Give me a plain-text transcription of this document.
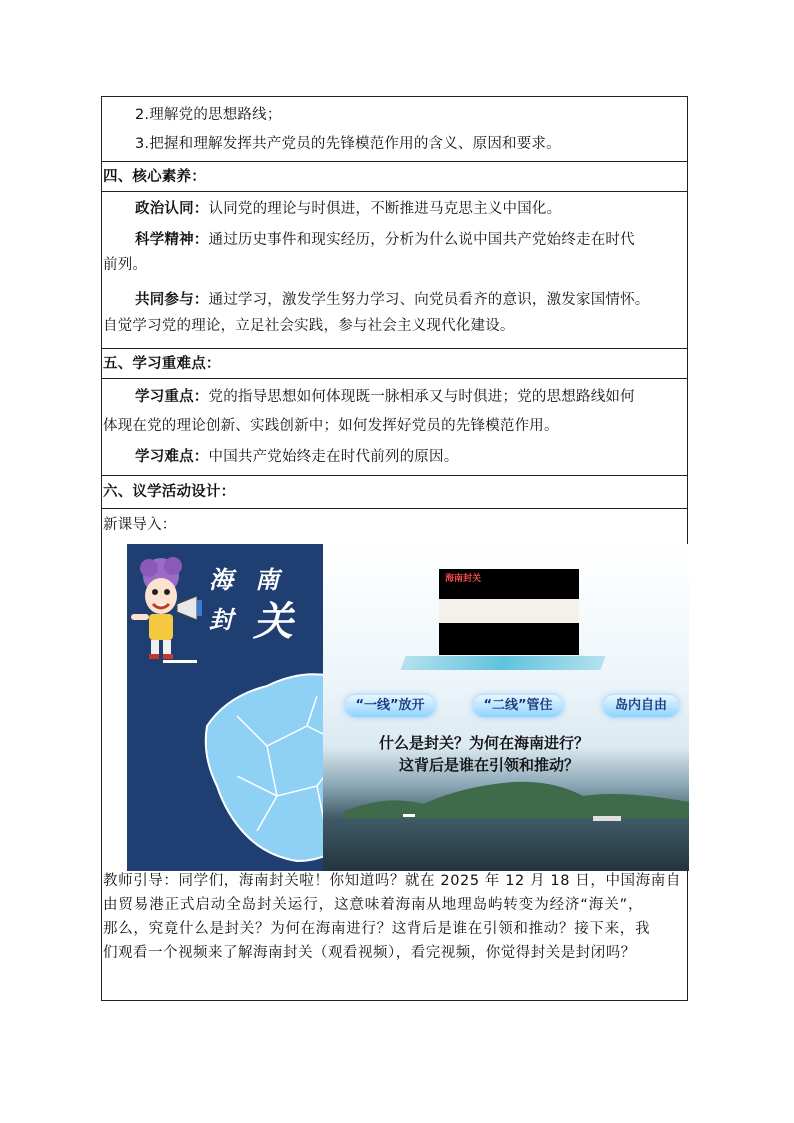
2.理解党的思想路线；
3.把握和理解发挥共产党员的先锋模范作用的含义、原因和要求。
四、核心素养：
政治认同：认同党的理论与时俱进，不断推进马克思主义中国化。
科学精神：通过历史事件和现实经历，分析为什么说中国共产党始终走在时代
前列。
共同参与：通过学习，激发学生努力学习、向党员看齐的意识，激发家国情怀。
自觉学习党的理论，立足社会实践，参与社会主义现代化建设。
五、学习重难点：
学习重点：党的指导思想如何体现既一脉相承又与时俱进；党的思想路线如何
体现在党的理论创新、实践创新中；如何发挥好党员的先锋模范作用。
学习难点：中国共产党始终走在时代前列的原因。
六、议学活动设计：
新课导入：
海 南
封 关
海南封关
“一线”放开	“二线”管住	岛内自由
什么是封关？为何在海南进行？
这背后是谁在引领和推动？
教师引导：同学们，海南封关啦！你知道吗？就在 2025 年 12 月 18 日，中国海南自
由贸易港正式启动全岛封关运行，这意味着海南从地理岛屿转变为经济“海关”，
那么，究竟什么是封关？为何在海南进行？这背后是谁在引领和推动？接下来，我
们观看一个视频来了解海南封关（观看视频），看完视频，你觉得封关是封闭吗？
